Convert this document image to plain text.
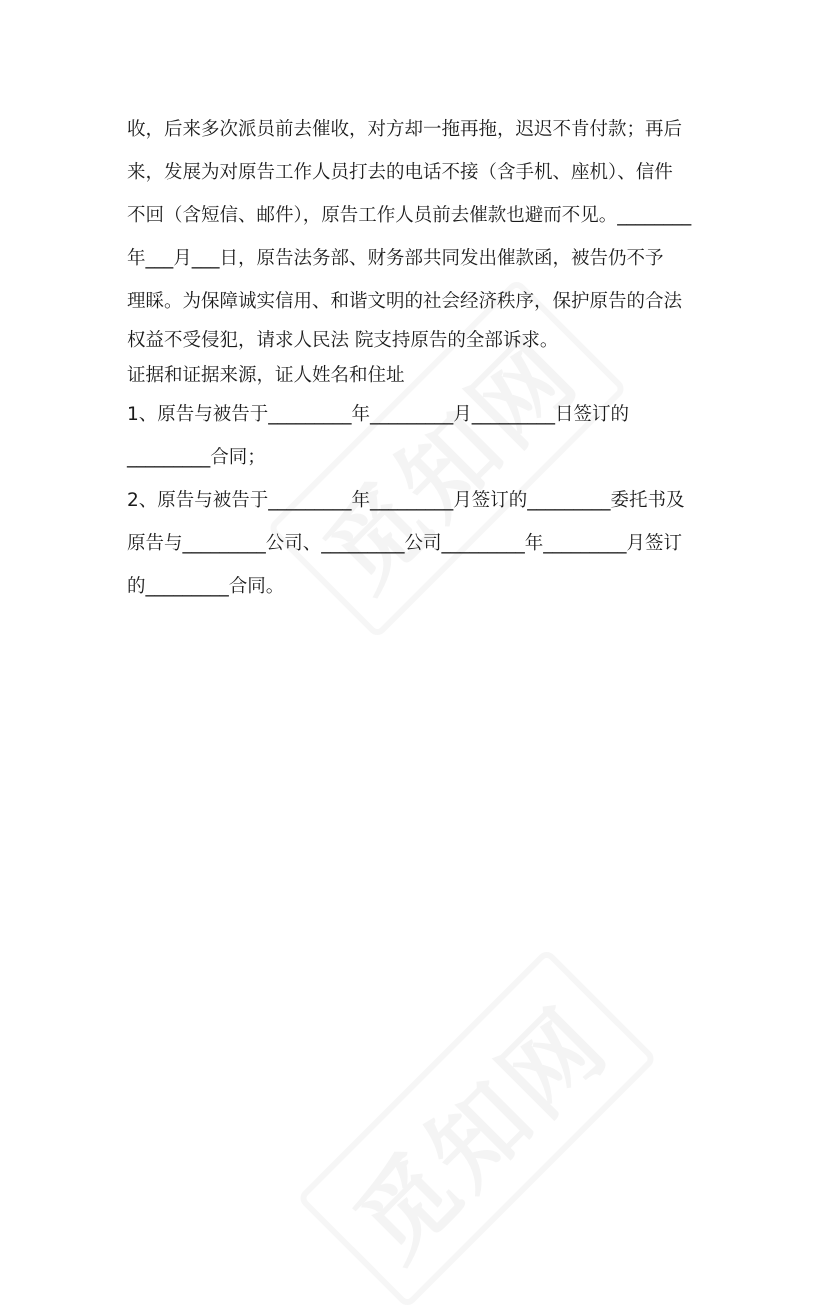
收，后来多次派员前去催收，对方却一拖再拖，迟迟不肯付款；再后

来，发展为对原告工作人员打去的电话不接（含手机、座机）、信件

不回（含短信、邮件），原告工作人员前去催款也避而不见。________

年___月___日，原告法务部、财务部共同发出催款函，被告仍不予

理睬。为保障诚实信用、和谐文明的社会经济秩序，保护原告的合法

权益不受侵犯，请求人民法 院支持原告的全部诉求。

证据和证据来源，证人姓名和住址

1、原告与被告于_________年_________月_________日签订的

_________合同；

2、原告与被告于_________年_________月签订的_________委托书及

原告与_________公司、_________公司_________年_________月签订

的_________合同。
